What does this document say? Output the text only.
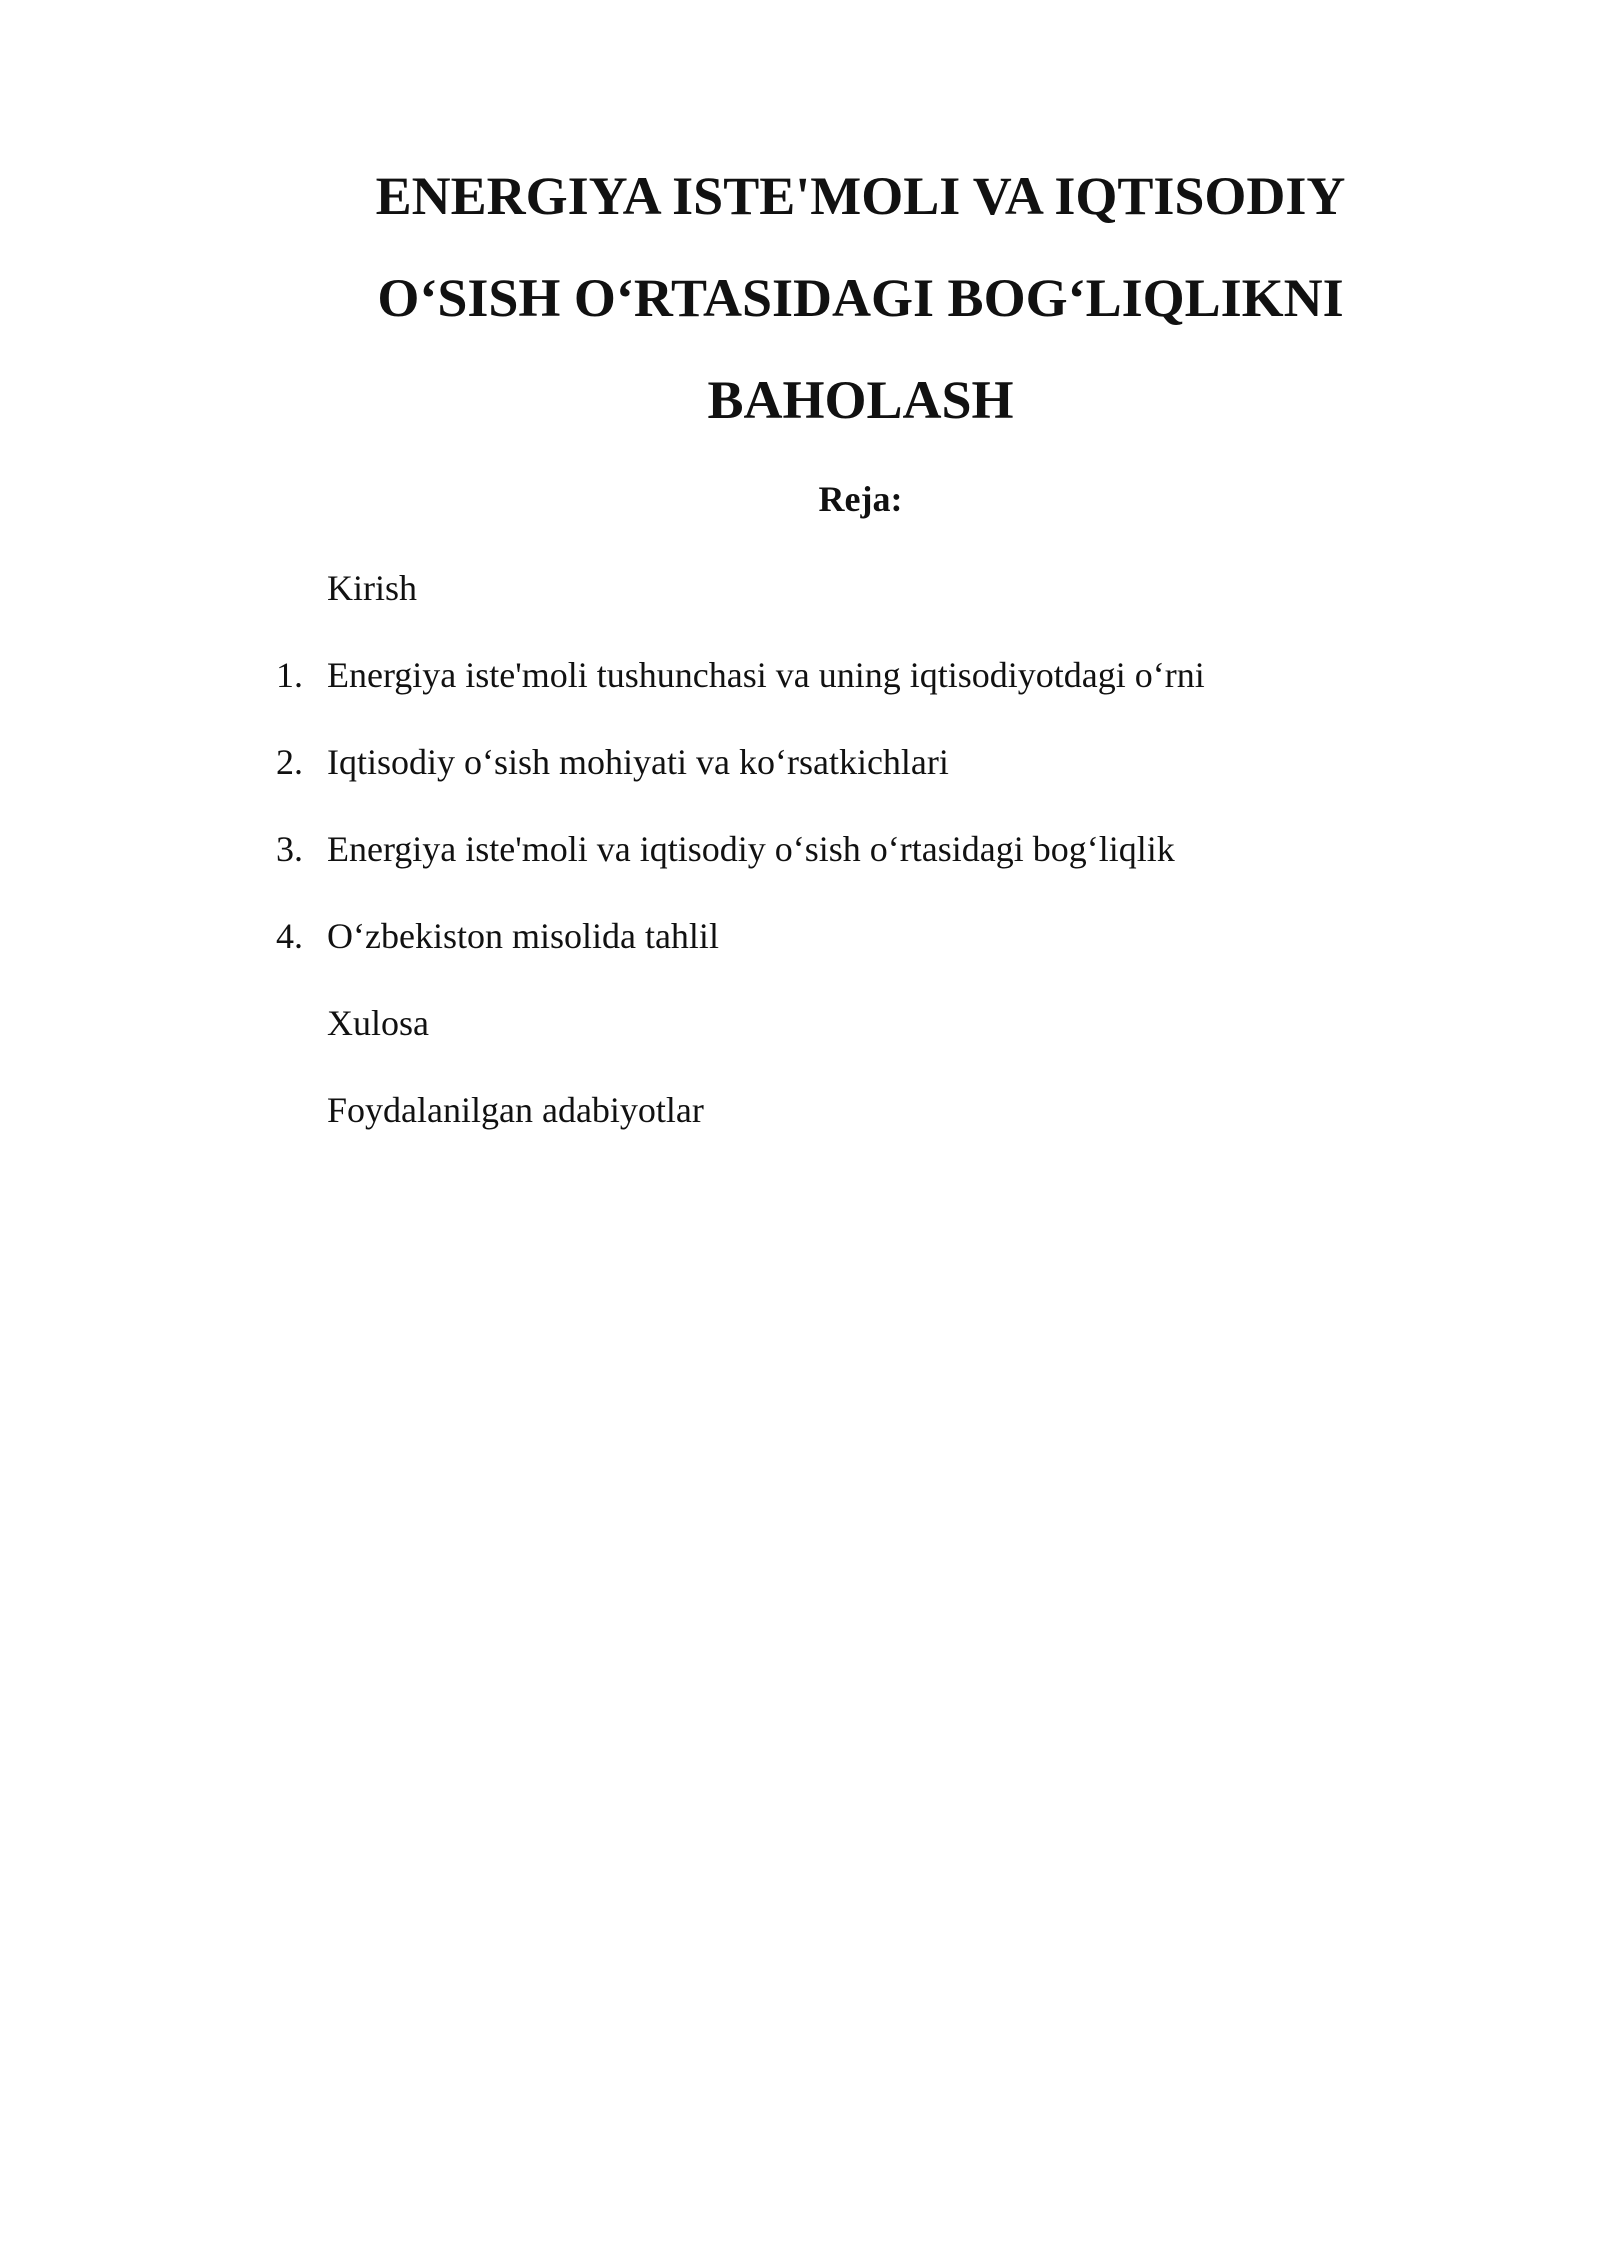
ENERGIYA ISTE'MOLI VA IQTISODIY
O‘SISH O‘RTASIDAGI BOG‘LIQLIKNI
BAHOLASH
Reja:
Kirish
1. Energiya iste'moli tushunchasi va uning iqtisodiyotdagi o‘rni
2. Iqtisodiy o‘sish mohiyati va ko‘rsatkichlari
3. Energiya iste'moli va iqtisodiy o‘sish o‘rtasidagi bog‘liqlik
4. O‘zbekiston misolida tahlil
Xulosa
Foydalanilgan adabiyotlar
